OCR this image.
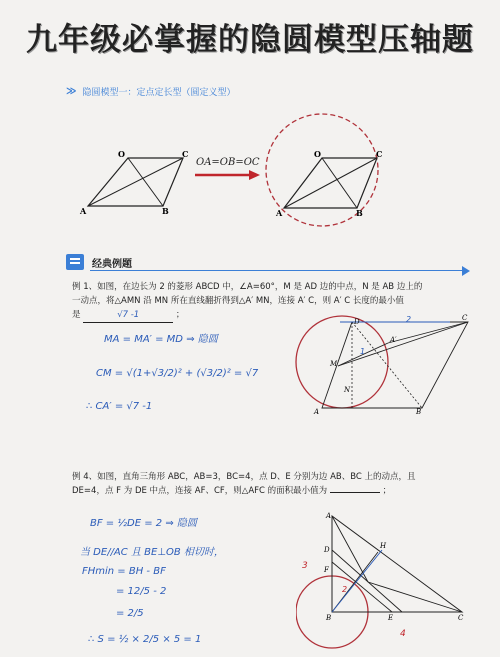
九年级必掌握的隐圆模型压轴题
≫ 隐圆模型一：定点定长型（圆定义型）
O	C
A	B
OA=OB=OC
O	C
A	B
经典例题
例 1、如图，在边长为 2 的菱形 ABCD 中，∠A=60°，M 是 AD 边的中点，N 是 AB 边上的
一动点，将△AMN 沿 MN 所在直线翻折得到△A′ MN，连接 A′ C，则 A′ C 长度的最小值
是	√7 -1	；
MA = MA′ = MD ⇒ 隐圆
CM = √(1+√3/2)² + (√3/2)² = √7
∴ CA′ = √7 -1
D	C
A′
M
N
A	B
1
2
例 4、如图，直角三角形 ABC，AB=3，BC=4，点 D、E 分别为边 AB、BC 上的动点，且
DE=4，点 F 为 DE 中点，连接 AF、CF，则△AFC 的面积最小值为	；
BF = ½DE = 2 ⇒ 隐圆
当 DE//AC 且 BE⊥OB 相切时，
FHmin = BH - BF
= 12/5 - 2
= 2/5
∴ S = ½ × 2/5 × 5 = 1
A
D
F
H
B	E	C
3
4
2
